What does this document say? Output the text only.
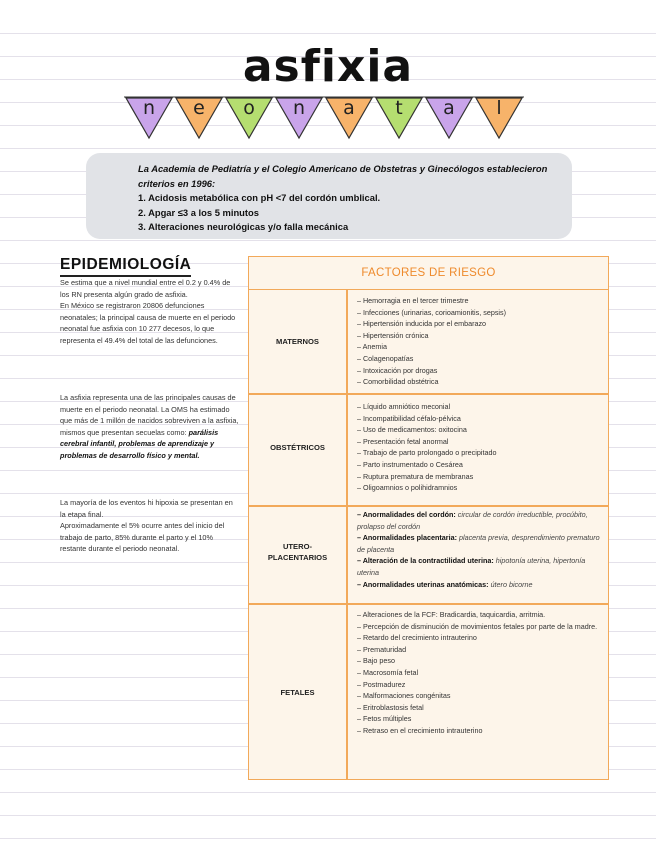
asfixia
n	e	o	n	a	t	a	l
La Academia de Pediatría y el Colegio Americano de Obstetras y Ginecólogos establecieron criterios en 1996:
1. Acidosis metabólica con pH <7 del cordón umblical.
2. Apgar ≤3 a los 5 minutos
3. Alteraciones neurológicas y/o falla mecánica
EPIDEMIOLOGÍA

Se estima que a nivel mundial entre el 0.2 y 0.4% de los RN presenta algún grado de asfixia.

En México se registraron 20806 defunciones neonatales; la principal causa de muerte en el periodo neonatal fue asfixia con 10 277 decesos, lo que representa el 49.4% del total de las defunciones.

La asfixia representa una de las principales causas de muerte en el periodo neonatal. La OMS ha estimado que más de 1 millón de nacidos sobreviven a la asfixia, mismos que presentan secuelas como: parálisis cerebral infantil, problemas de aprendizaje y problemas de desarrollo físico y mental.

La mayoría de los eventos hi hipoxia se presentan en la etapa final.

Aproximadamente el 5% ocurre antes del inicio del trabajo de parto, 85% durante el parto y el 10% restante durante el periodo neonatal.

FACTORES DE RIESGO
MATERNOS
– Hemorragia en el tercer trimestre
– Infecciones (urinarias, corioamionitis, sepsis)
– Hipertensión inducida por el embarazo
– Hipertensión crónica
– Anemia
– Colagenopatías
– Intoxicación por drogas
– Comorbilidad obstétrica
OBSTÉTRICOS
– Líquido amniótico meconial
– Incompatibilidad céfalo-pélvica
– Uso de medicamentos: oxitocina
– Presentación fetal anormal
– Trabajo de parto prolongado o precipitado
– Parto instrumentado o Cesárea
– Ruptura prematura de membranas
– Oligoamnios o polihidramnios
UTERO-
PLACENTARIOS
– Anormalidades del cordón: circular de cordón irreductible, procúbito, prolapso del cordón
– Anormalidades placentaria: placenta previa, desprendimiento prematuro de placenta
– Alteración de la contractilidad uterina: hipotonía uterina, hipertonía uterina
– Anormalidades uterinas anatómicas: útero bicorne
FETALES
– Alteraciones de la FCF: Bradicardia, taquicardia, arritmia.
– Percepción de disminución de movimientos fetales por parte de la madre.
– Retardo del crecimiento intrauterino
– Prematuridad
– Bajo peso
– Macrosomía fetal
– Postmadurez
– Malformaciones congénitas
– Eritroblastosis fetal
– Fetos múltiples
– Retraso en el crecimiento intrauterino
